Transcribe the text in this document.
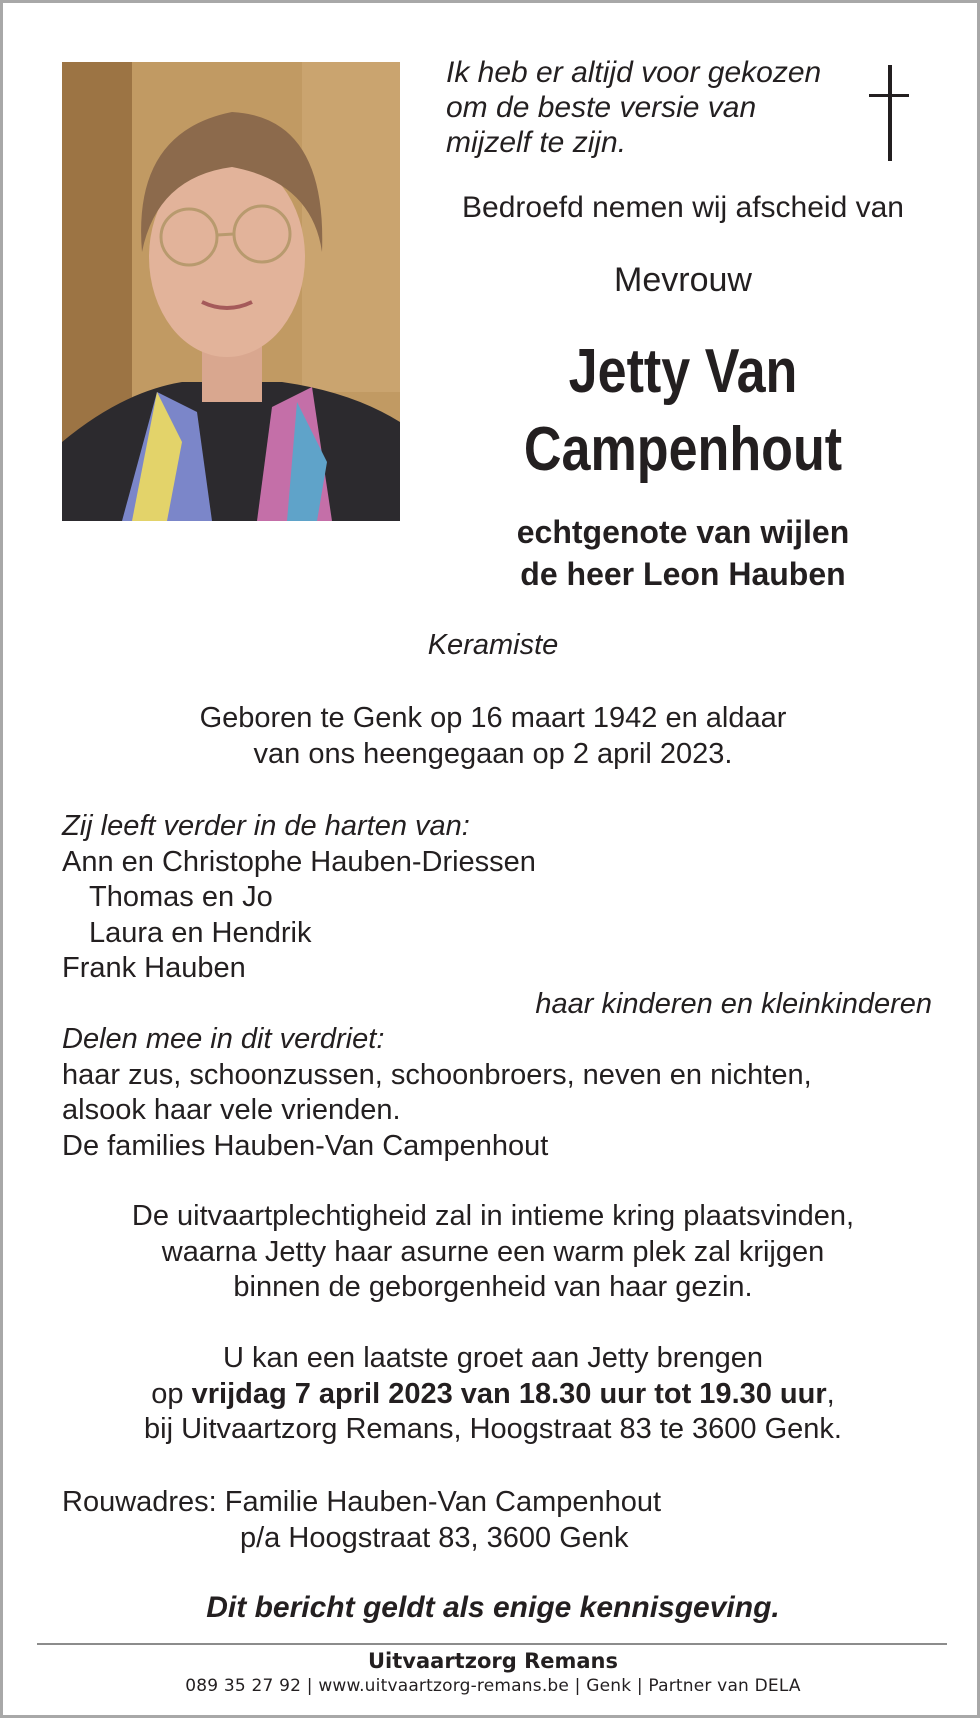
Ik heb er altijd voor gekozen
om de beste versie van
mijzelf te zijn.
Bedroefd nemen wij afscheid van
Mevrouw
Jetty Van
Campenhout
echtgenote van wijlen
de heer Leon Hauben
Keramiste
Geboren te Genk op 16 maart 1942 en aldaar
van ons heengegaan op 2 april 2023.
Zij leeft verder in de harten van:
Ann en Christophe Hauben-Driessen
Thomas en Jo
Laura en Hendrik
Frank Hauben
haar kinderen en kleinkinderen
Delen mee in dit verdriet:
haar zus, schoonzussen, schoonbroers, neven en nichten,
alsook haar vele vrienden.
De families Hauben-Van Campenhout
De uitvaartplechtigheid zal in intieme kring plaatsvinden,
waarna Jetty haar asurne een warm plek zal krijgen
binnen de geborgenheid van haar gezin.
U kan een laatste groet aan Jetty brengen
op vrijdag 7 april 2023 van 18.30 uur tot 19.30 uur,
bij Uitvaartzorg Remans, Hoogstraat 83 te 3600 Genk.
Rouwadres: Familie Hauben-Van Campenhout
p/a Hoogstraat 83, 3600 Genk
Dit bericht geldt als enige kennisgeving.
Uitvaartzorg Remans
089 35 27 92 | www.uitvaartzorg-remans.be | Genk | Partner van DELA
